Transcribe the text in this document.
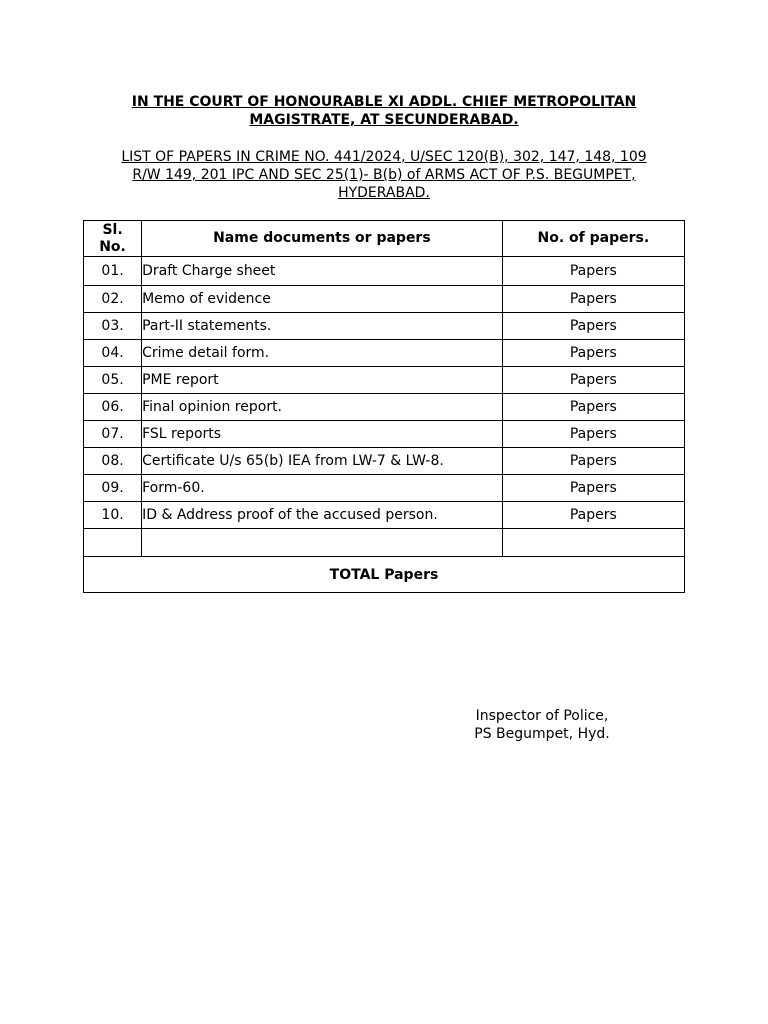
IN THE COURT OF HONOURABLE XI ADDL. CHIEF METROPOLITAN
MAGISTRATE, AT SECUNDERABAD.
LIST OF PAPERS IN CRIME NO. 441/2024, U/SEC 120(B), 302, 147, 148, 109
R/W 149, 201 IPC AND SEC 25(1)- B(b) of ARMS ACT OF P.S. BEGUMPET,
HYDERABAD.
Sl.
No.	Name documents or papers	No. of papers.
01.	Draft Charge sheet	Papers
02.	Memo of evidence	Papers
03.	Part-II statements.	Papers
04.	Crime detail form.	Papers
05.	PME report	Papers
06.	Final opinion report.	Papers
07.	FSL reports	Papers
08.	Certificate U/s 65(b) IEA from LW-7 & LW-8.	Papers
09.	Form-60.	Papers
10.	ID & Address proof of the accused person.	Papers

TOTAL Papers		
Inspector of Police,
PS Begumpet, Hyd.
